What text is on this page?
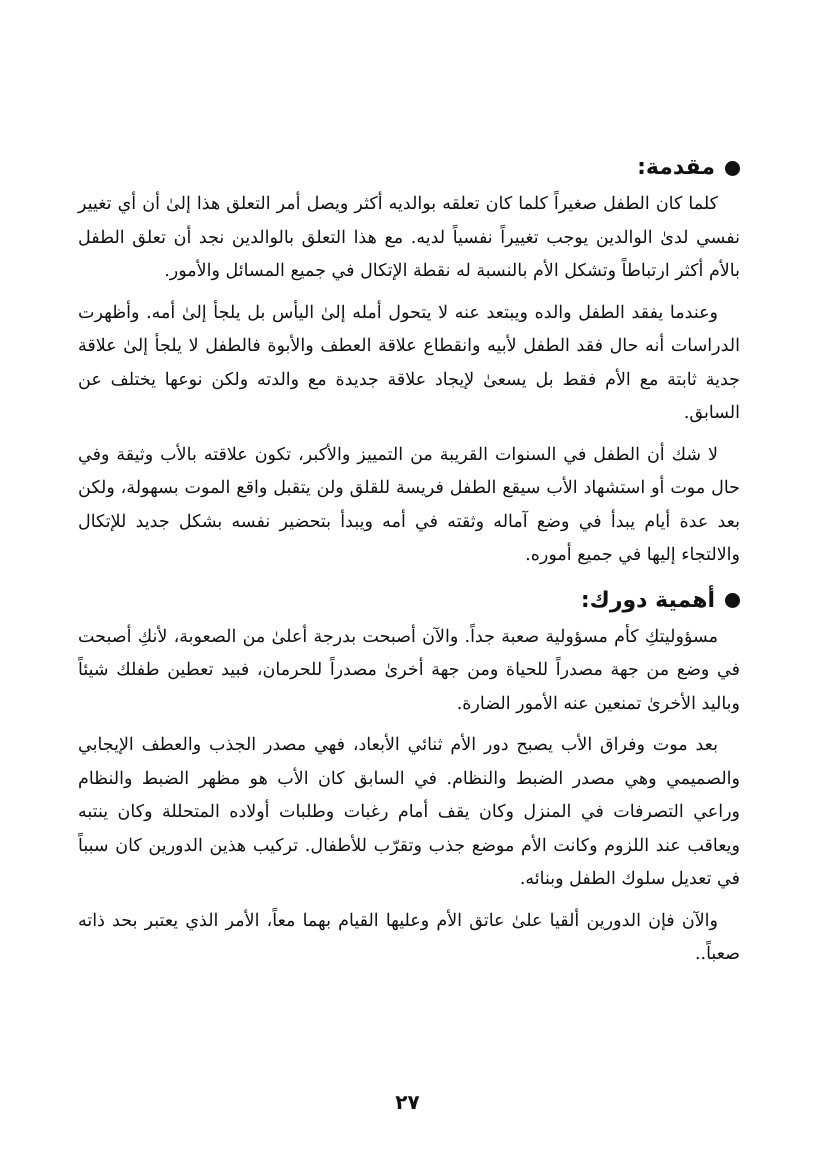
مقدمة:

كلما كان الطفل صغيراً كلما كان تعلقه بوالديه أكثر ويصل أمر التعلق هذا إلىٰ أن أي تغيير نفسي لدىٰ الوالدين يوجب تغييراً نفسياً لديه. مع هذا التعلق بالوالدين نجد أن تعلق الطفل بالأم أكثر ارتباطاً وتشكل الأم بالنسبة له نقطة الإتكال في جميع المسائل والأمور.

وعندما يفقد الطفل والده ويبتعد عنه لا يتحول أمله إلىٰ اليأس بل يلجأ إلىٰ أمه. وأظهرت الدراسات أنه حال فقد الطفل لأبيه وانقطاع علاقة العطف والأبوة فالطفل لا يلجأ إلىٰ علاقة جدية ثابتة مع الأم فقط بل يسعىٰ لإيجاد علاقة جديدة مع والدته ولكن نوعها يختلف عن السابق.

لا شك أن الطفل في السنوات القريبة من التمييز والأكبر، تكون علاقته بالأب وثيقة وفي حال موت أو استشهاد الأب سيقع الطفل فريسة للقلق ولن يتقبل واقع الموت بسهولة، ولكن بعد عدة أيام يبدأ في وضع آماله وثقته في أمه ويبدأ بتحضير نفسه بشكل جديد للإتكال والالتجاء إليها في جميع أموره.

أهمية دورك:

مسؤوليتكِ كأم مسؤولية صعبة جداً. والآن أصبحت بدرجة أعلىٰ من الصعوبة، لأنكِ أصبحت في وضع من جهة مصدراً للحياة ومن جهة أخرىٰ مصدراً للحرمان، فبيد تعطين طفلك شيئاً وباليد الأخرىٰ تمنعين عنه الأمور الضارة.

بعد موت وفراق الأب يصبح دور الأم ثنائي الأبعاد، فهي مصدر الجذب والعطف الإيجابي والصميمي وهي مصدر الضبط والنظام. في السابق كان الأب هو مظهر الضبط والنظام وراعي التصرفات في المنزل وكان يقف أمام رغبات وطلبات أولاده المتحللة وكان ينتبه ويعاقب عند اللزوم وكانت الأم موضع جذب وتقرّب للأطفال. تركيب هذين الدورين كان سبباً في تعديل سلوك الطفل وبنائه.

والآن فإن الدورين ألقيا علىٰ عاتق الأم وعليها القيام بهما معاً، الأمر الذي يعتبر بحد ذاته صعباً..

٢٧
